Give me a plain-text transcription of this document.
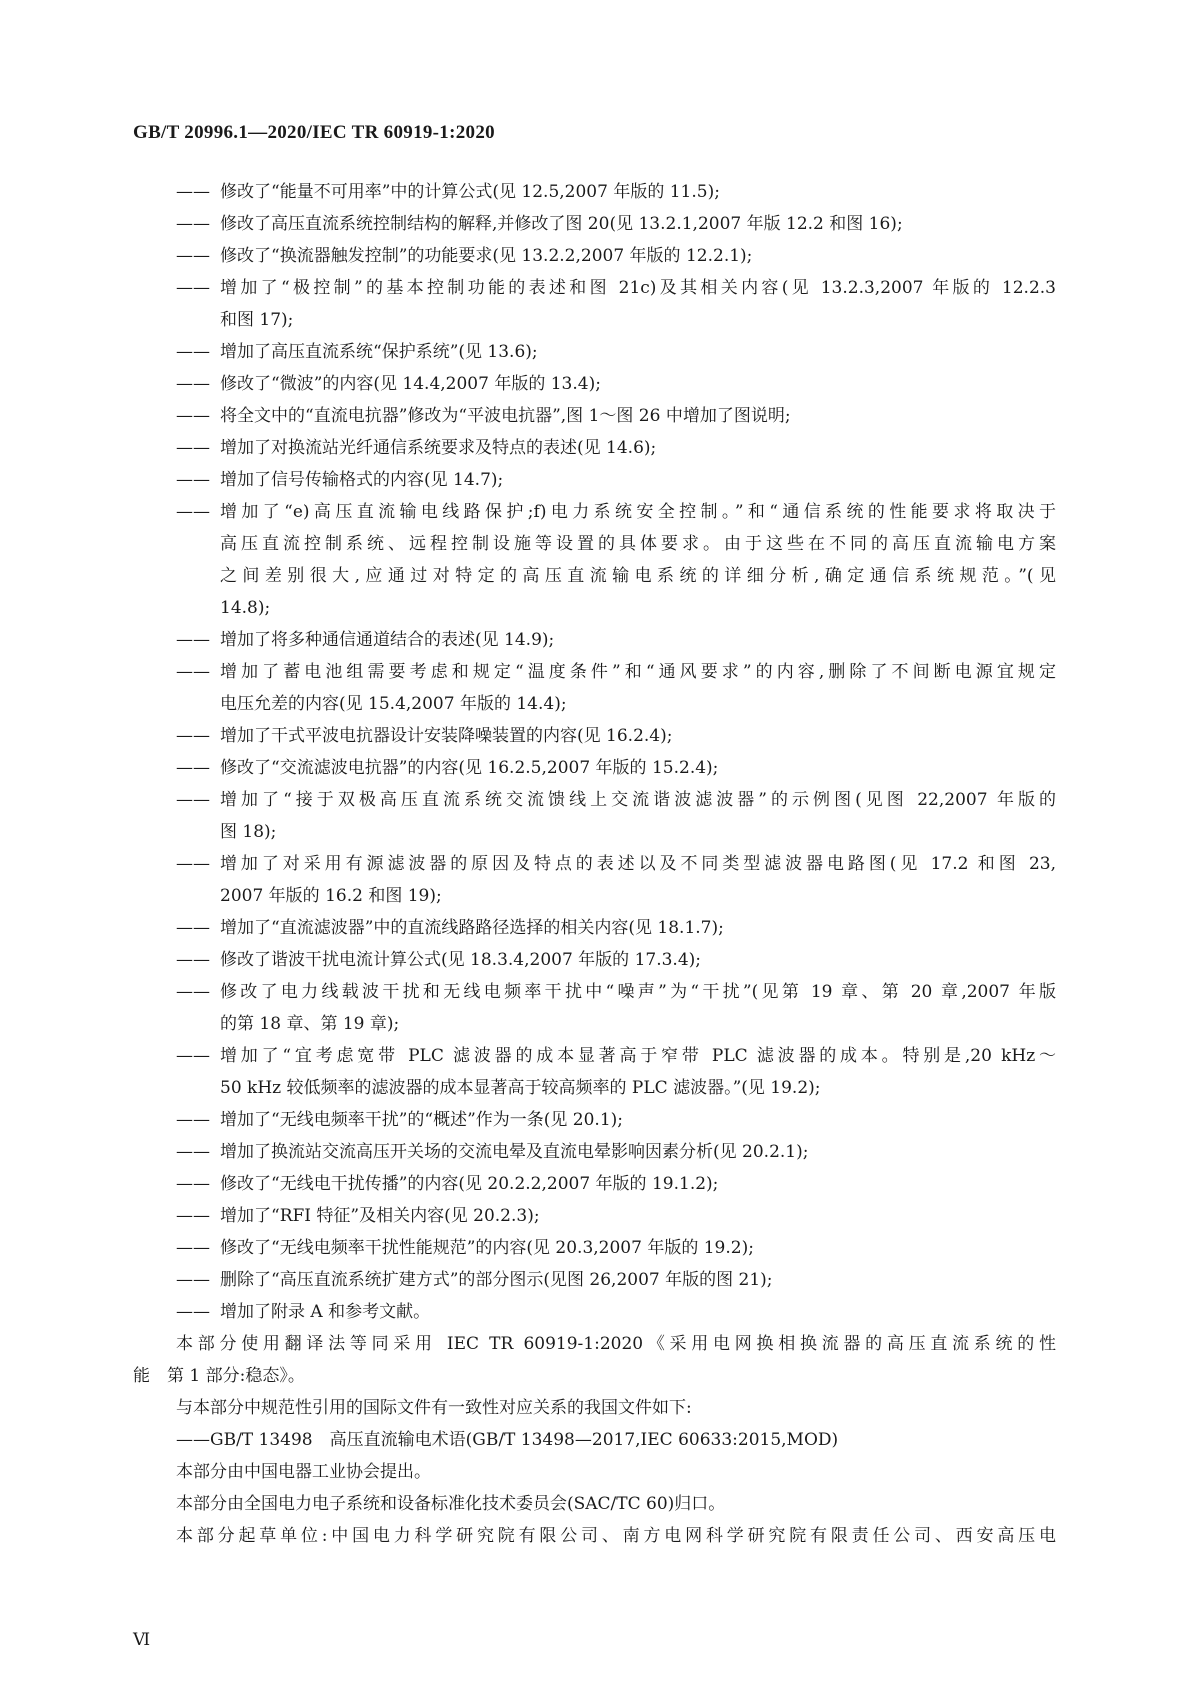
GB/T 20996.1—2020/IEC TR 60919-1:2020
—— 修改了“能量不可用率”中的计算公式(见 12.5,2007 年版的 11.5);
—— 修改了高压直流系统控制结构的解释,并修改了图 20(见 13.2.1,2007 年版 12.2 和图 16);
—— 修改了“换流器触发控制”的功能要求(见 13.2.2,2007 年版的 12.2.1);
—— 增加了“极控制”的基本控制功能的表述和图 21c)及其相关内容(见 13.2.3,2007 年版的 12.2.3
和图 17);
—— 增加了高压直流系统“保护系统”(见 13.6);
—— 修改了“微波”的内容(见 14.4,2007 年版的 13.4);
—— 将全文中的“直流电抗器”修改为“平波电抗器”,图 1～图 26 中增加了图说明;
—— 增加了对换流站光纤通信系统要求及特点的表述(见 14.6);
—— 增加了信号传输格式的内容(见 14.7);
—— 增加了“e)高压直流输电线路保护;f)电力系统安全控制。”和“通信系统的性能要求将取决于
高压直流控制系统、远程控制设施等设置的具体要求。由于这些在不同的高压直流输电方案
之间差别很大,应通过对特定的高压直流输电系统的详细分析,确定通信系统规范。”(见
14.8);
—— 增加了将多种通信通道结合的表述(见 14.9);
—— 增加了蓄电池组需要考虑和规定“温度条件”和“通风要求”的内容,删除了不间断电源宜规定
电压允差的内容(见 15.4,2007 年版的 14.4);
—— 增加了干式平波电抗器设计安装降噪装置的内容(见 16.2.4);
—— 修改了“交流滤波电抗器”的内容(见 16.2.5,2007 年版的 15.2.4);
—— 增加了“接于双极高压直流系统交流馈线上交流谐波滤波器”的示例图(见图 22,2007 年版的
图 18);
—— 增加了对采用有源滤波器的原因及特点的表述以及不同类型滤波器电路图(见 17.2 和图 23,
2007 年版的 16.2 和图 19);
—— 增加了“直流滤波器”中的直流线路路径选择的相关内容(见 18.1.7);
—— 修改了谐波干扰电流计算公式(见 18.3.4,2007 年版的 17.3.4);
—— 修改了电力线载波干扰和无线电频率干扰中“噪声”为“干扰”(见第 19 章、第 20 章,2007 年版
的第 18 章、第 19 章);
—— 增加了“宜考虑宽带 PLC 滤波器的成本显著高于窄带 PLC 滤波器的成本。特别是,20 kHz～
50 kHz 较低频率的滤波器的成本显著高于较高频率的 PLC 滤波器。”(见 19.2);
—— 增加了“无线电频率干扰”的“概述”作为一条(见 20.1);
—— 增加了换流站交流高压开关场的交流电晕及直流电晕影响因素分析(见 20.2.1);
—— 修改了“无线电干扰传播”的内容(见 20.2.2,2007 年版的 19.1.2);
—— 增加了“RFI 特征”及相关内容(见 20.2.3);
—— 修改了“无线电频率干扰性能规范”的内容(见 20.3,2007 年版的 19.2);
—— 删除了“高压直流系统扩建方式”的部分图示(见图 26,2007 年版的图 21);
—— 增加了附录 A 和参考文献。
本部分使用翻译法等同采用 IEC TR 60919-1:2020《采用电网换相换流器的高压直流系统的性
能　第 1 部分:稳态》。
与本部分中规范性引用的国际文件有一致性对应关系的我国文件如下:
——GB/T 13498　高压直流输电术语(GB/T 13498—2017,IEC 60633:2015,MOD)
本部分由中国电器工业协会提出。
本部分由全国电力电子系统和设备标准化技术委员会(SAC/TC 60)归口。
本部分起草单位:中国电力科学研究院有限公司、南方电网科学研究院有限责任公司、西安高压电
Ⅵ
